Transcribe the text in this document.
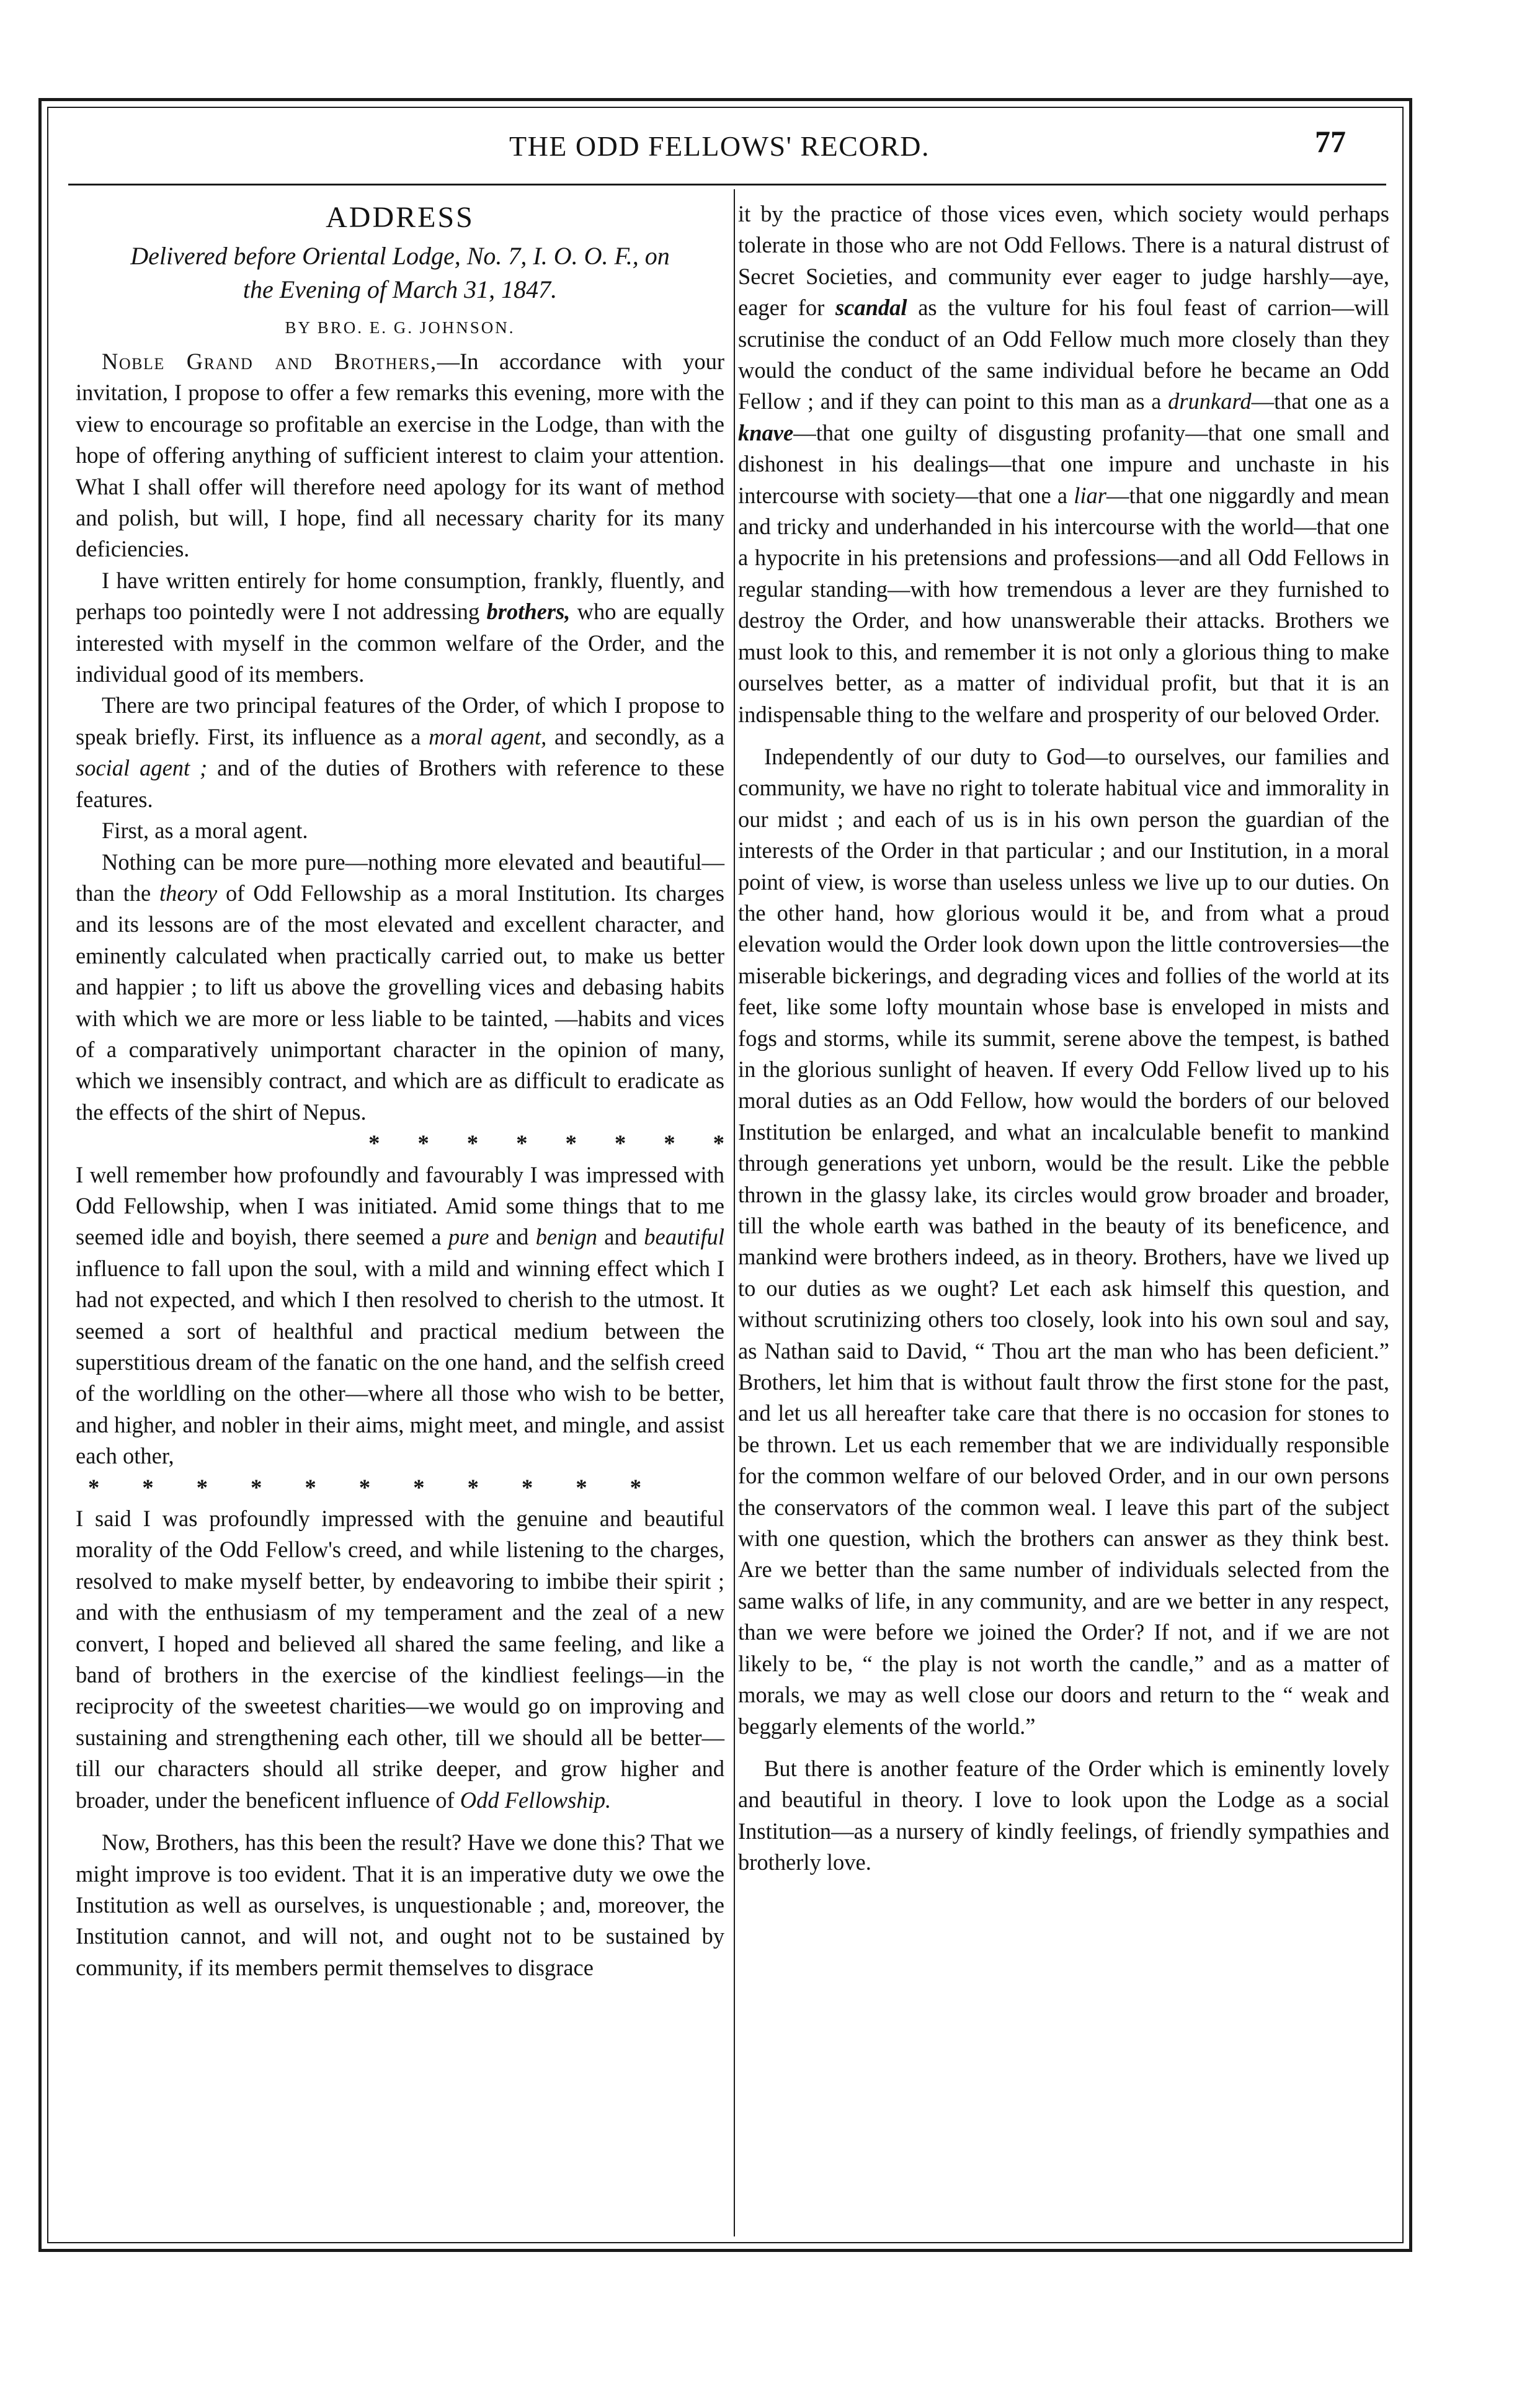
THE ODD FELLOWS' RECORD.	77

ADDRESS

Delivered before Oriental Lodge, No. 7, I. O. O. F., on
the Evening of March 31, 1847.

BY BRO. E. G. JOHNSON.

Noble Grand and Brothers,—In accordance with your invitation, I propose to offer a few remarks this evening, more with the view to encourage so profitable an exercise in the Lodge, than with the hope of offering anything of sufficient interest to claim your attention. What I shall offer will therefore need apology for its want of method and polish, but will, I hope, find all necessary charity for its many deficiencies.

I have written entirely for home consumption, frankly, fluently, and perhaps too pointedly were I not addressing brothers, who are equally interested with myself in the common welfare of the Order, and the individual good of its members.

There are two principal features of the Order, of which I propose to speak briefly. First, its influence as a moral agent, and secondly, as a social agent ; and of the duties of Brothers with reference to these features.

First, as a moral agent.

Nothing can be more pure—nothing more elevated and beautiful—than the theory of Odd Fellowship as a moral Institution. Its charges and its lessons are of the most elevated and excellent character, and eminently calculated when practically carried out, to make us better and happier ; to lift us above the grovelling vices and debasing habits with which we are more or less liable to be tainted, —habits and vices of a comparatively unimportant character in the opinion of many, which we insensibly contract, and which are as difficult to eradicate as the effects of the shirt of Nepus.

* * * * * * * *

I well remember how profoundly and favourably I was impressed with Odd Fellowship, when I was initiated. Amid some things that to me seemed idle and boyish, there seemed a pure and benign and beautiful influence to fall upon the soul, with a mild and winning effect which I had not expected, and which I then resolved to cherish to the utmost. It seemed a sort of healthful and practical medium between the superstitious dream of the fanatic on the one hand, and the selfish creed of the worldling on the other—where all those who wish to be better, and higher, and nobler in their aims, might meet, and mingle, and assist each other,

* * * * * * * * * * *

I said I was profoundly impressed with the genuine and beautiful morality of the Odd Fellow's creed, and while listening to the charges, resolved to make myself better, by endeavoring to imbibe their spirit ; and with the enthusiasm of my temperament and the zeal of a new convert, I hoped and believed all shared the same feeling, and like a band of brothers in the exercise of the kindliest feelings—in the reciprocity of the sweetest charities—we would go on improving and sustaining and strengthening each other, till we should all be better—till our characters should all strike deeper, and grow higher and broader, under the beneficent influence of Odd Fellowship.

Now, Brothers, has this been the result? Have we done this? That we might improve is too evident. That it is an imperative duty we owe the Institution as well as ourselves, is unquestionable ; and, moreover, the Institution cannot, and will not, and ought not to be sustained by community, if its members permit themselves to disgrace

it by the practice of those vices even, which society would perhaps tolerate in those who are not Odd Fellows. There is a natural distrust of Secret Societies, and community ever eager to judge harshly—aye, eager for scandal as the vulture for his foul feast of carrion—will scrutinise the conduct of an Odd Fellow much more closely than they would the conduct of the same individual before he became an Odd Fellow ; and if they can point to this man as a drunkard—that one as a knave—that one guilty of disgusting profanity—that one small and dishonest in his dealings—that one impure and unchaste in his intercourse with society—that one a liar—that one niggardly and mean and tricky and underhanded in his intercourse with the world—that one a hypocrite in his pretensions and professions—and all Odd Fellows in regular standing—with how tremendous a lever are they furnished to destroy the Order, and how unanswerable their attacks. Brothers we must look to this, and remember it is not only a glorious thing to make ourselves better, as a matter of individual profit, but that it is an indispensable thing to the welfare and prosperity of our beloved Order.

Independently of our duty to God—to ourselves, our families and community, we have no right to tolerate habitual vice and immorality in our midst ; and each of us is in his own person the guardian of the interests of the Order in that particular ; and our Institution, in a moral point of view, is worse than useless unless we live up to our duties. On the other hand, how glorious would it be, and from what a proud elevation would the Order look down upon the little controversies—the miserable bickerings, and degrading vices and follies of the world at its feet, like some lofty mountain whose base is enveloped in mists and fogs and storms, while its summit, serene above the tempest, is bathed in the glorious sunlight of heaven. If every Odd Fellow lived up to his moral duties as an Odd Fellow, how would the borders of our beloved Institution be enlarged, and what an incalculable benefit to mankind through generations yet unborn, would be the result. Like the pebble thrown in the glassy lake, its circles would grow broader and broader, till the whole earth was bathed in the beauty of its beneficence, and mankind were brothers indeed, as in theory. Brothers, have we lived up to our duties as we ought? Let each ask himself this question, and without scrutinizing others too closely, look into his own soul and say, as Nathan said to David, “ Thou art the man who has been deficient.” Brothers, let him that is without fault throw the first stone for the past, and let us all hereafter take care that there is no occasion for stones to be thrown. Let us each remember that we are individually responsible for the common welfare of our beloved Order, and in our own persons the conservators of the common weal. I leave this part of the subject with one question, which the brothers can answer as they think best. Are we better than the same number of individuals selected from the same walks of life, in any community, and are we better in any respect, than we were before we joined the Order? If not, and if we are not likely to be, “ the play is not worth the candle,” and as a matter of morals, we may as well close our doors and return to the “ weak and beggarly elements of the world.”

But there is another feature of the Order which is eminently lovely and beautiful in theory. I love to look upon the Lodge as a social Institution—as a nursery of kindly feelings, of friendly sympathies and brotherly love.
